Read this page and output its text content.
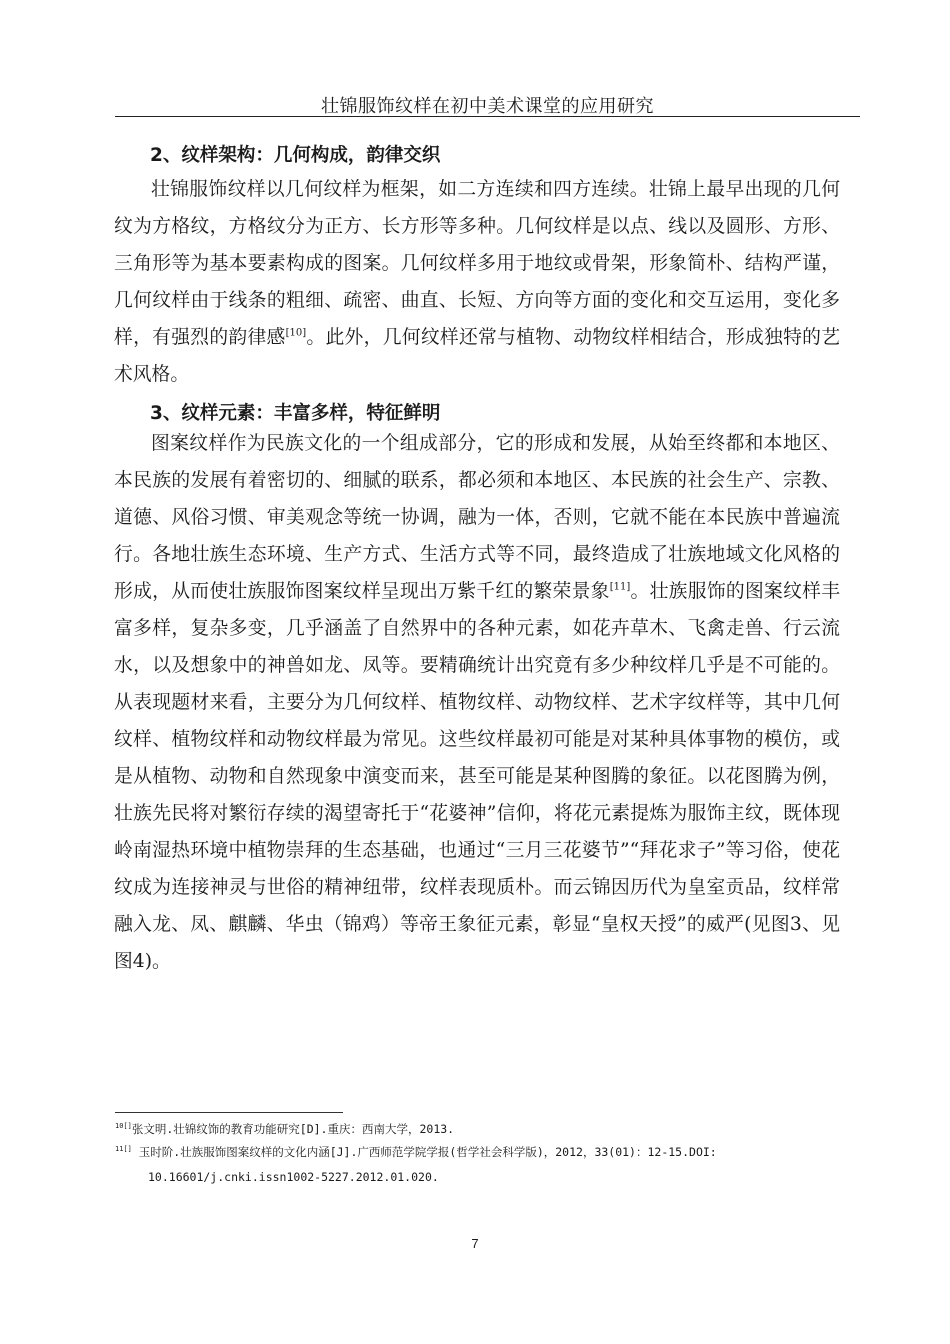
壮锦服饰纹样在初中美术课堂的应用研究
2、纹样架构：几何构成，韵律交织

壮锦服饰纹样以几何纹样为框架，如二方连续和四方连续。壮锦上最早出现的几何纹为方格纹，方格纹分为正方、长方形等多种。几何纹样是以点、线以及圆形、方形、三角形等为基本要素构成的图案。几何纹样多用于地纹或骨架，形象简朴、结构严谨，几何纹样由于线条的粗细、疏密、曲直、长短、方向等方面的变化和交互运用，变化多样，有强烈的韵律感[10]。此外，几何纹样还常与植物、动物纹样相结合，形成独特的艺术风格。

3、纹样元素：丰富多样，特征鲜明

图案纹样作为民族文化的一个组成部分，它的形成和发展，从始至终都和本地区、本民族的发展有着密切的、细腻的联系，都必须和本地区、本民族的社会生产、宗教、道德、风俗习惯、审美观念等统一协调，融为一体，否则，它就不能在本民族中普遍流行。各地壮族生态环境、生产方式、生活方式等不同，最终造成了壮族地域文化风格的形成，从而使壮族服饰图案纹样呈现出万紫千红的繁荣景象[11]。壮族服饰的图案纹样丰富多样，复杂多变，几乎涵盖了自然界中的各种元素，如花卉草木、飞禽走兽、行云流水，以及想象中的神兽如龙、凤等。要精确统计出究竟有多少种纹样几乎是不可能的。从表现题材来看，主要分为几何纹样、植物纹样、动物纹样、艺术字纹样等，其中几何纹样、植物纹样和动物纹样最为常见。这些纹样最初可能是对某种具体事物的模仿，或是从植物、动物和自然现象中演变而来，甚至可能是某种图腾的象征。以花图腾为例，壮族先民将对繁衍存续的渴望寄托于“花婆神”信仰，将花元素提炼为服饰主纹，既体现岭南湿热环境中植物崇拜的生态基础，也通过“三月三花婆节”“拜花求子”等习俗，使花纹成为连接神灵与世俗的精神纽带，纹样表现质朴。而云锦因历代为皇室贡品，纹样常融入龙、凤、麒麟、华虫（锦鸡）等帝王象征元素，彰显“皇权天授”的威严(见图3、见图4)。

$^{10[]}$张文明.壮锦纹饰的教育功能研究[D].重庆：西南大学，2013.

$^{11[]}$ 玉时阶.壮族服饰图案纹样的文化内涵[J].广西师范学院学报(哲学社会科学版)，2012，33(01)：12-15.DOI:

10.16601/j.cnki.issn1002-5227.2012.01.020.

7
